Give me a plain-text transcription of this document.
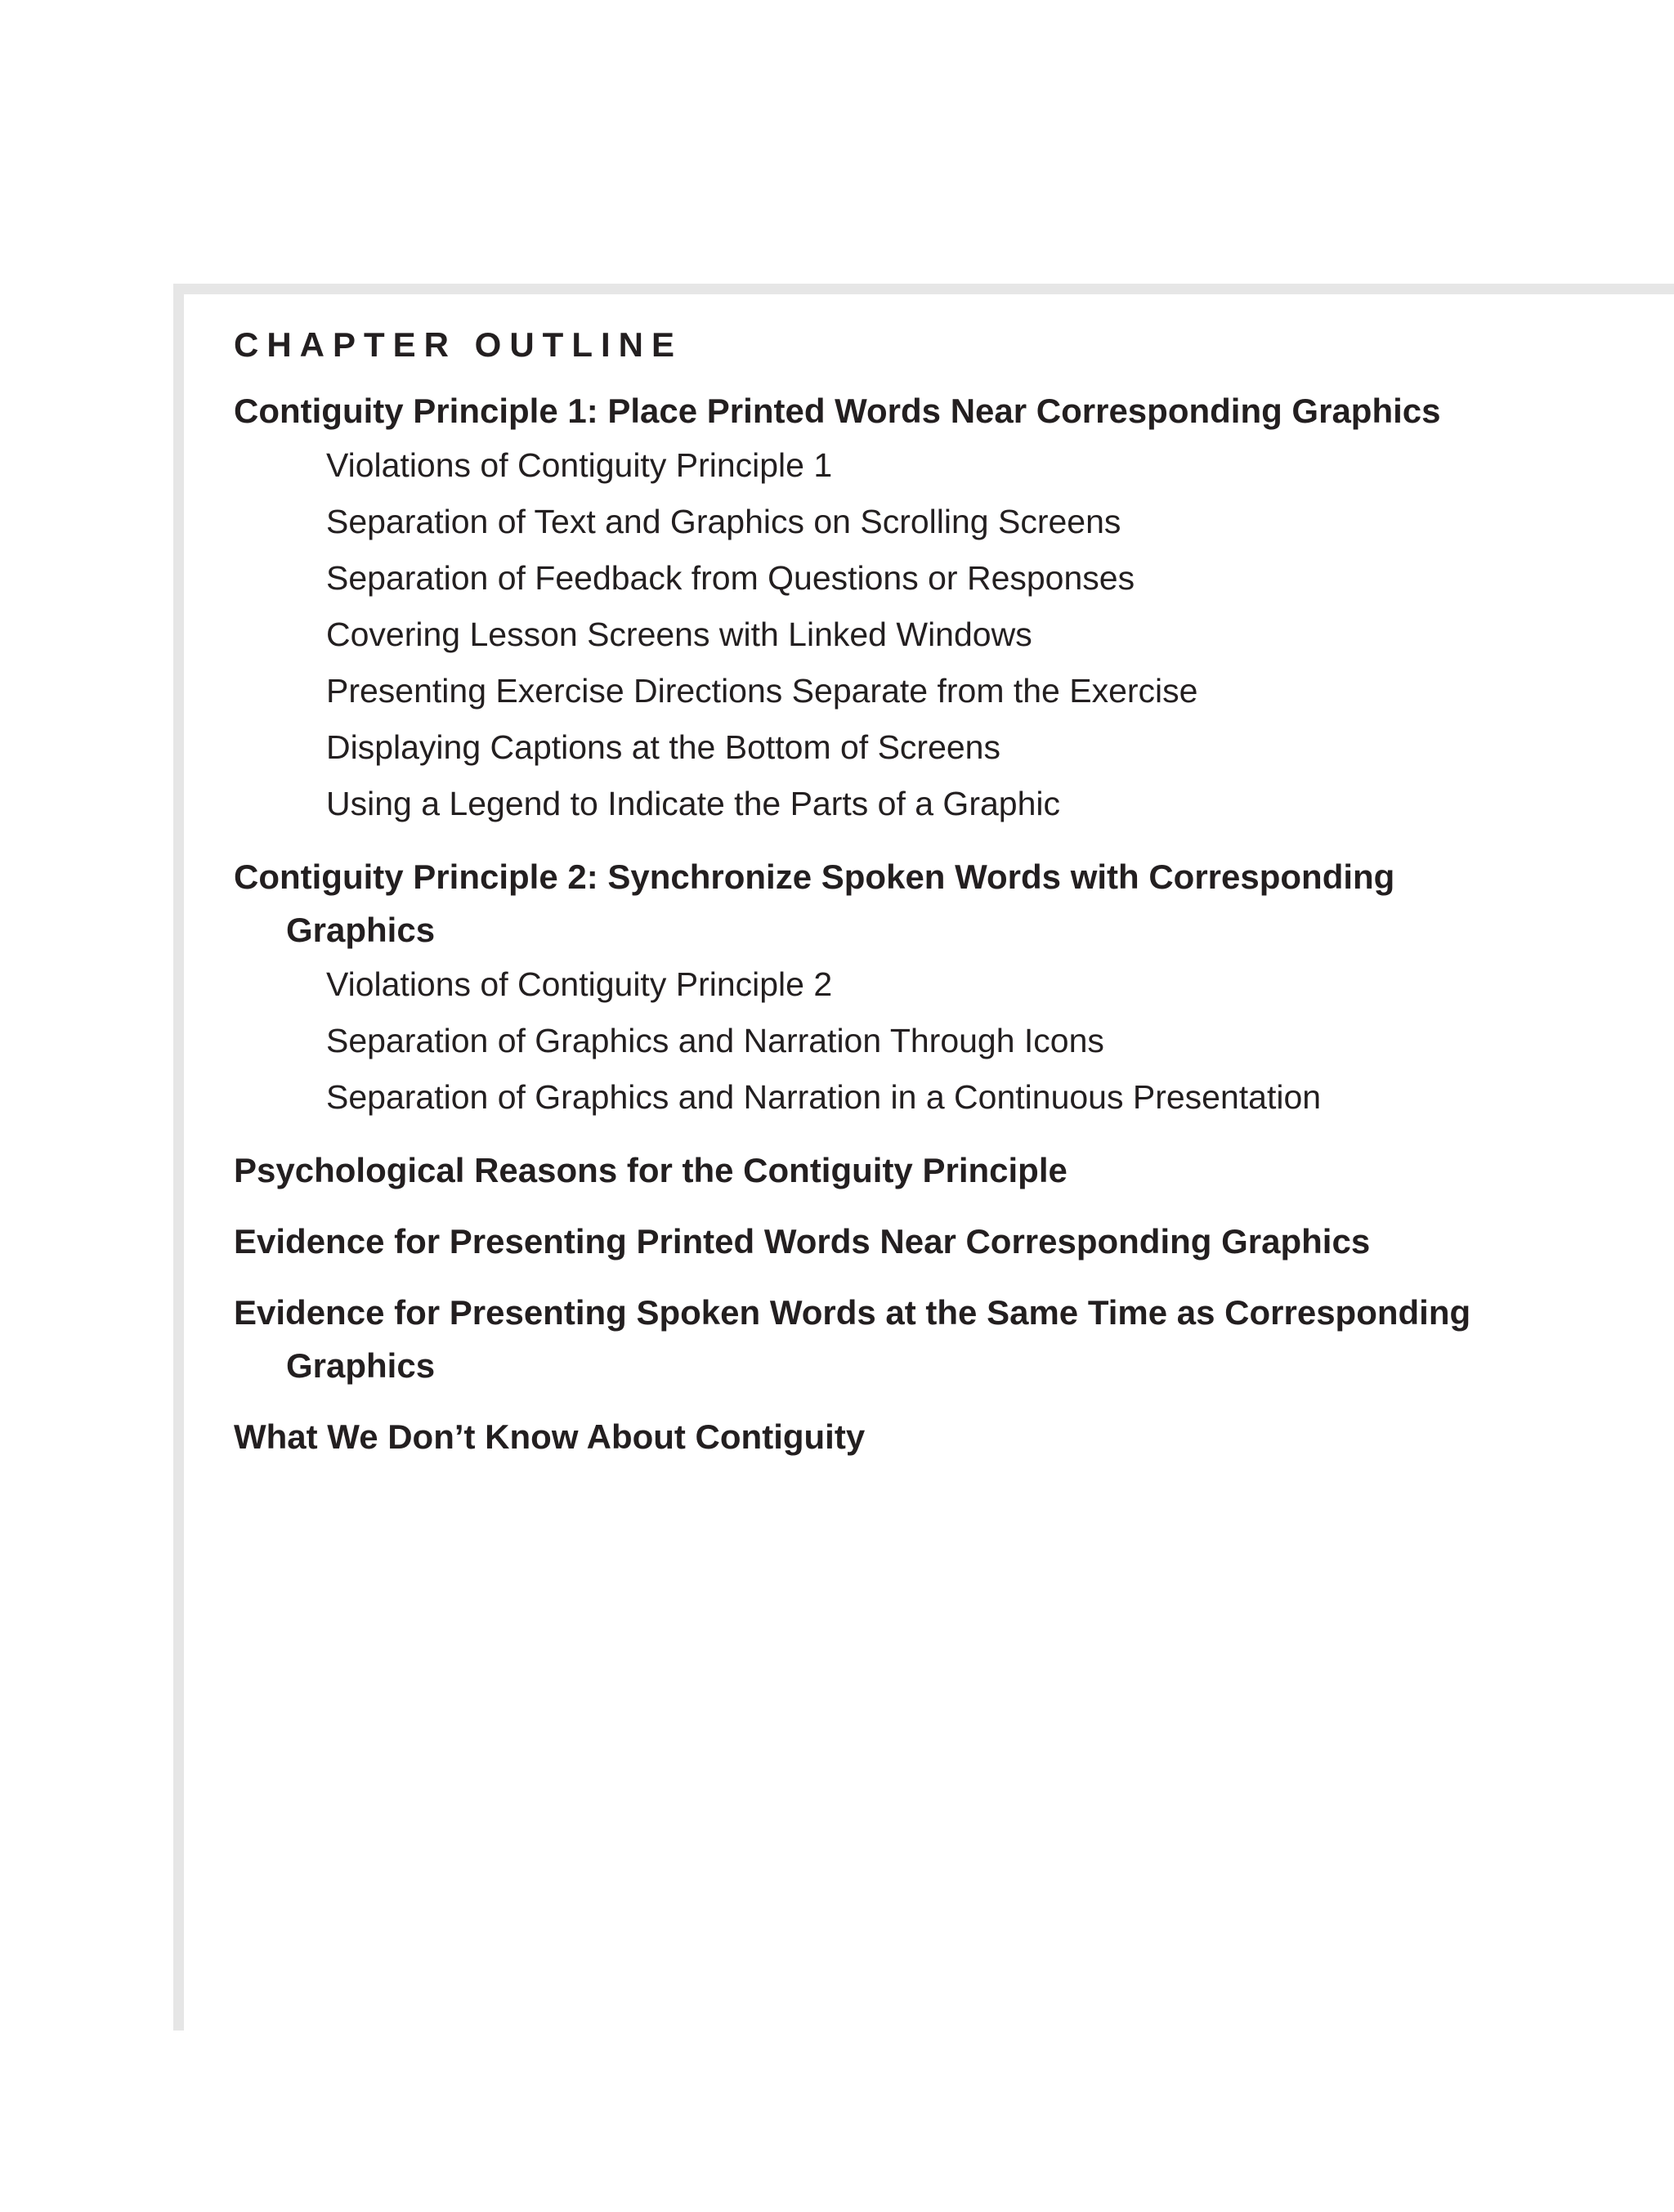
CHAPTER OUTLINE
Contiguity Principle 1: Place Printed Words Near Corresponding Graphics
Violations of Contiguity Principle 1
Separation of Text and Graphics on Scrolling Screens
Separation of Feedback from Questions or Responses
Covering Lesson Screens with Linked Windows
Presenting Exercise Directions Separate from the Exercise
Displaying Captions at the Bottom of Screens
Using a Legend to Indicate the Parts of a Graphic
Contiguity Principle 2: Synchronize Spoken Words with Corresponding Graphics
Violations of Contiguity Principle 2
Separation of Graphics and Narration Through Icons
Separation of Graphics and Narration in a Continuous Presentation
Psychological Reasons for the Contiguity Principle
Evidence for Presenting Printed Words Near Corresponding Graphics
Evidence for Presenting Spoken Words at the Same Time as Corresponding Graphics
What We Don’t Know About Contiguity
